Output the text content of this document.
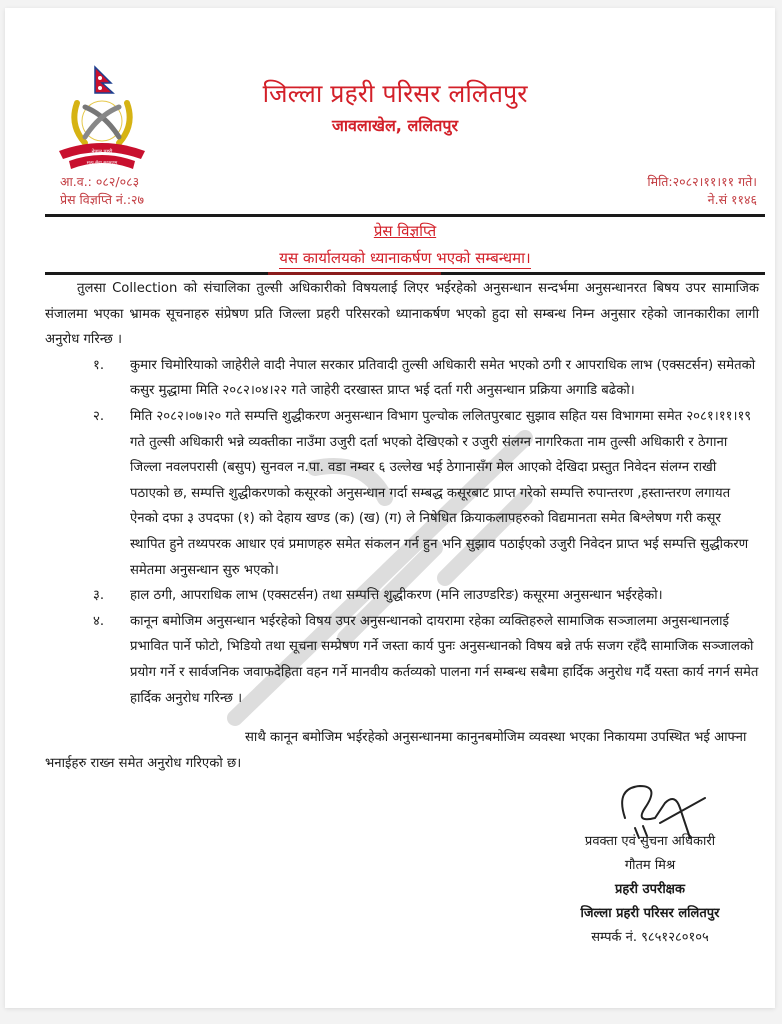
नेपाल प्रहरी
सत्य सेवा सुरक्षणम्
जिल्ला प्रहरी परिसर ललितपुर
जावलाखेल, ललितपुर
आ.व.: ०८२/०८३
प्रेस विज्ञप्ति नं.:२७
मिति:२०८२।११।११ गते।
ने.सं ११४६
प्रेस विज्ञप्ति
यस कार्यालयको ध्यानाकर्षण भएको सम्बन्धमा।

तुलसा Collection को संचालिका तुल्सी अधिकारीको विषयलाई लिएर भईरहेको अनुसन्धान सन्दर्भमा अनुसन्धानरत बिषय उपर सामाजिक संजालमा भएका भ्रामक सूचनाहरु संप्रेषण प्रति जिल्ला प्रहरी परिसरको ध्यानाकर्षण भएको हुदा सो सम्बन्ध निम्न अनुसार रहेको जानकारीका लागी अनुरोध गरिन्छ ।

१. कुमार चिमोरियाको जाहेरीले वादी नेपाल सरकार प्रतिवादी तुल्सी अधिकारी समेत भएको ठगी र आपराधिक लाभ (एक्सटर्सन) समेतको कसुर मुद्धामा मिति २०८२।०४।२२ गते जाहेरी दरखास्त प्राप्त भई दर्ता गरी अनुसन्धान प्रक्रिया अगाडि बढेको।
२. मिति २०८२।०७।२० गते सम्पत्ति शुद्धीकरण अनुसन्धान विभाग पुल्चोक ललितपुरबाट सुझाव सहित यस विभागमा समेत २०८१।११।१९ गते तुल्सी अधिकारी भन्ने व्यक्तीका नाउँमा उजुरी दर्ता भएको देखिएको र उजुरी संलग्न नागरिकता नाम तुल्सी अधिकारी र ठेगाना जिल्ला नवलपरासी (बसुप) सुनवल न.पा. वडा नम्वर ६ उल्लेख भई ठेगानासँग मेल आएको देखिदा प्रस्तुत निवेदन संलग्न राखी पठाएको छ, सम्पत्ति शुद्धीकरणको कसूरको अनुसन्धान गर्दा सम्बद्ध कसूरबाट प्राप्त गरेको सम्पत्ति रुपान्तरण ,हस्तान्तरण लगायत ऐनको दफा ३ उपदफा (१) को देहाय खण्ड (क) (ख) (ग) ले निषेधित क्रियाकलापहरुको विद्यमानता समेत बिश्लेषण गरी कसूर स्थापित हुने तथ्यपरक आधार एवं प्रमाणहरु समेत संकलन गर्न हुन भनि सुझाव पठाईएको उजुरी निवेदन प्राप्त भई सम्पत्ति सुद्धीकरण समेतमा अनुसन्धान सुरु भएको।
३. हाल ठगी, आपराधिक लाभ (एक्सटर्सन) तथा सम्पत्ति शुद्धीकरण (मनि लाउण्डरिङ) कसूरमा अनुसन्धान भईरहेको।
४. कानून बमोजिम अनुसन्धान भईरहेको विषय उपर अनुसन्धानको दायरामा रहेका व्यक्तिहरुले सामाजिक सञ्जालमा अनुसन्धानलाई प्रभावित पार्ने फोटो, भिडियो तथा सूचना सम्प्रेषण गर्ने जस्ता कार्य पुनः अनुसन्धानको विषय बन्ने तर्फ सजग रहँदै सामाजिक सञ्जालको प्रयोग गर्ने र सार्वजनिक जवाफदेहिता वहन गर्ने मानवीय कर्तव्यको पालना गर्न सम्बन्ध सबैमा हार्दिक अनुरोध गर्दै यस्ता कार्य नगर्न समेत हार्दिक अनुरोध गरिन्छ ।

साथै कानून बमोजिम भईरहेको अनुसन्धानमा कानुनबमोजिम व्यवस्था भएका निकायमा उपस्थित भई आफ्ना भनाईहरु राख्न समेत अनुरोध गरिएको छ।

प्रवक्ता एवं सुचना अधिकारी
गौतम मिश्र
प्रहरी उपरीक्षक
जिल्ला प्रहरी परिसर ललितपुर
सम्पर्क नं. ९८५१२८०१०५
